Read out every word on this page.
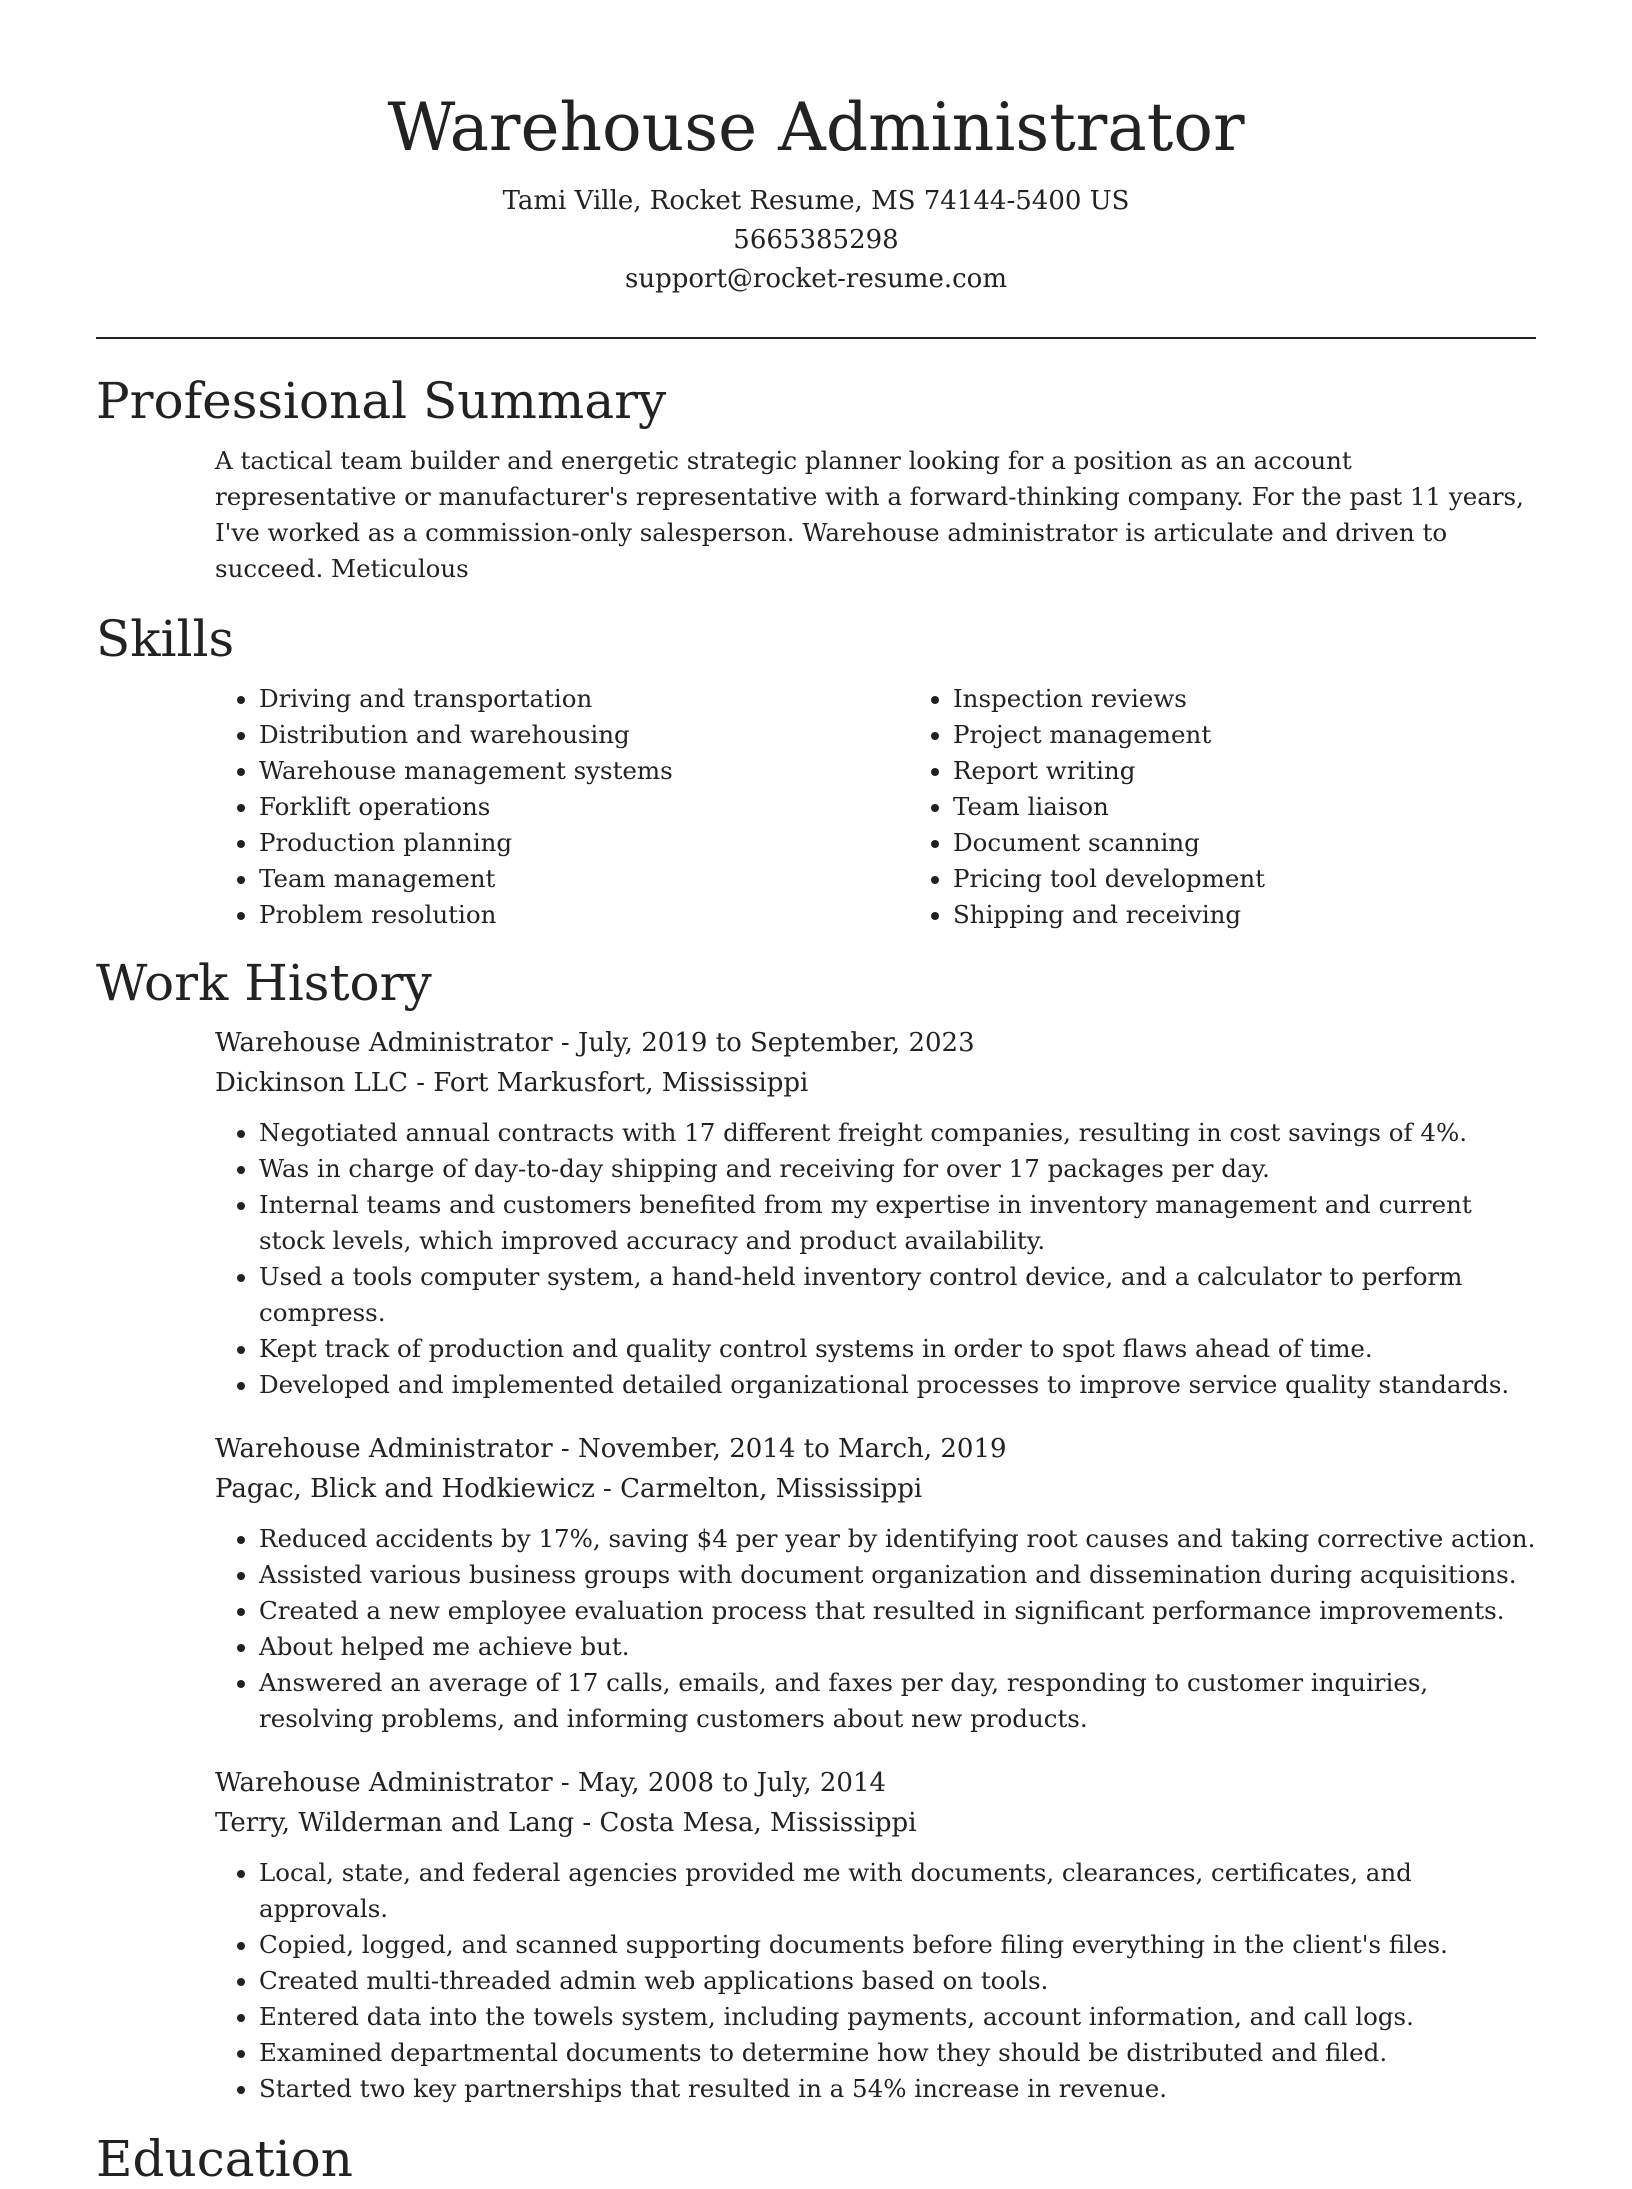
Warehouse Administrator
Tami Ville, Rocket Resume, MS 74144-5400 US
5665385298
support@rocket-resume.com
Professional Summary

A tactical team builder and energetic strategic planner looking for a position as an account representative or manufacturer's representative with a forward-thinking company. For the past 11 years, I've worked as a commission-only salesperson. Warehouse administrator is articulate and driven to succeed. Meticulous

Skills
• Driving and transportation
• Distribution and warehousing
• Warehouse management systems
• Forklift operations
• Production planning
• Team management
• Problem resolution
• Inspection reviews
• Project management
• Report writing
• Team liaison
• Document scanning
• Pricing tool development
• Shipping and receiving
Work History
Warehouse Administrator - July, 2019 to September, 2023
Dickinson LLC - Fort Markusfort, Mississippi
• Negotiated annual contracts with 17 different freight companies, resulting in cost savings of 4%.
• Was in charge of day-to-day shipping and receiving for over 17 packages per day.
• Internal teams and customers benefited from my expertise in inventory management and current stock levels, which improved accuracy and product availability.
• Used a tools computer system, a hand-held inventory control device, and a calculator to perform compress.
• Kept track of production and quality control systems in order to spot flaws ahead of time.
• Developed and implemented detailed organizational processes to improve service quality standards.
Warehouse Administrator - November, 2014 to March, 2019
Pagac, Blick and Hodkiewicz - Carmelton, Mississippi
• Reduced accidents by 17%, saving $4 per year by identifying root causes and taking corrective action.
• Assisted various business groups with document organization and dissemination during acquisitions.
• Created a new employee evaluation process that resulted in significant performance improvements.
• About helped me achieve but.
• Answered an average of 17 calls, emails, and faxes per day, responding to customer inquiries, resolving problems, and informing customers about new products.
Warehouse Administrator - May, 2008 to July, 2014
Terry, Wilderman and Lang - Costa Mesa, Mississippi
• Local, state, and federal agencies provided me with documents, clearances, certificates, and approvals.
• Copied, logged, and scanned supporting documents before filing everything in the client's files.
• Created multi-threaded admin web applications based on tools.
• Entered data into the towels system, including payments, account information, and call logs.
• Examined departmental documents to determine how they should be distributed and filed.
• Started two key partnerships that resulted in a 54% increase in revenue.
Education
